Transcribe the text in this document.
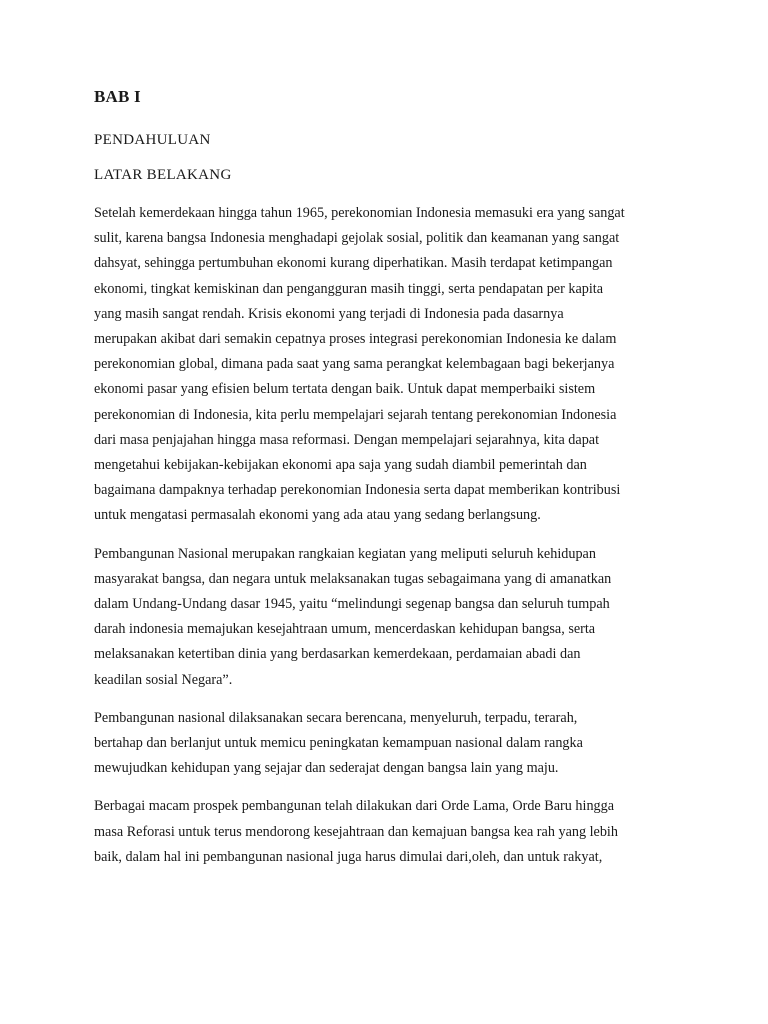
BAB I
PENDAHULUAN
LATAR BELAKANG

Setelah kemerdekaan hingga tahun 1965, perekonomian Indonesia memasuki era yang sangat
sulit, karena bangsa Indonesia menghadapi gejolak sosial, politik dan keamanan yang sangat
dahsyat, sehingga pertumbuhan ekonomi kurang diperhatikan. Masih terdapat ketimpangan
ekonomi, tingkat kemiskinan dan pengangguran masih tinggi, serta pendapatan per kapita
yang masih sangat rendah. Krisis ekonomi yang terjadi di Indonesia pada dasarnya
merupakan akibat dari semakin cepatnya proses integrasi perekonomian Indonesia ke dalam
perekonomian global, dimana pada saat yang sama perangkat kelembagaan bagi bekerjanya
ekonomi pasar yang efisien belum tertata dengan baik. Untuk dapat memperbaiki sistem
perekonomian di Indonesia, kita perlu mempelajari sejarah tentang perekonomian Indonesia
dari masa penjajahan hingga masa reformasi. Dengan mempelajari sejarahnya, kita dapat
mengetahui kebijakan-kebijakan ekonomi apa saja yang sudah diambil pemerintah dan
bagaimana dampaknya terhadap perekonomian Indonesia serta dapat memberikan kontribusi
untuk mengatasi permasalah ekonomi yang ada atau yang sedang berlangsung.

Pembangunan Nasional merupakan rangkaian kegiatan yang meliputi seluruh kehidupan
masyarakat bangsa, dan negara untuk melaksanakan tugas sebagaimana yang di amanatkan
dalam Undang-Undang dasar 1945, yaitu “melindungi segenap bangsa dan seluruh tumpah
darah indonesia memajukan kesejahtraan umum, mencerdaskan kehidupan bangsa, serta
melaksanakan ketertiban dinia yang berdasarkan kemerdekaan, perdamaian abadi dan
keadilan sosial Negara”.

Pembangunan nasional dilaksanakan secara berencana, menyeluruh, terpadu, terarah,
bertahap dan berlanjut untuk memicu peningkatan kemampuan nasional dalam rangka
mewujudkan kehidupan yang sejajar dan sederajat dengan bangsa lain yang maju.

Berbagai macam prospek pembangunan telah dilakukan dari Orde Lama, Orde Baru hingga
masa Reforasi untuk terus mendorong kesejahtraan dan kemajuan bangsa kea rah yang lebih
baik, dalam hal ini pembangunan nasional juga harus dimulai dari,oleh, dan untuk rakyat,
